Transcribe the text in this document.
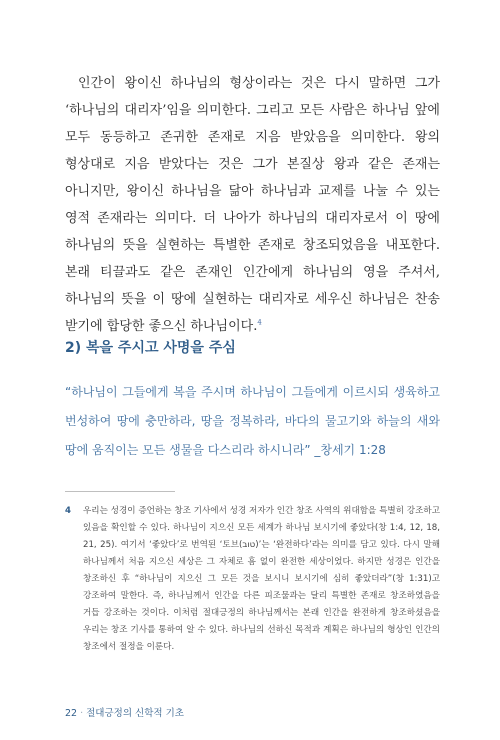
인간이 왕이신 하나님의 형상이라는 것은 다시 말하면 그가 ‘하나님의 대리자’임을 의미한다. 그리고 모든 사람은 하나님 앞에 모두 동등하고 존귀한 존재로 지음 받았음을 의미한다. 왕의 형상대로 지음 받았다는 것은 그가 본질상 왕과 같은 존재는 아니지만, 왕이신 하나님을 닮아 하나님과 교제를 나눌 수 있는 영적 존재라는 의미다. 더 나아가 하나님의 대리자로서 이 땅에 하나님의 뜻을 실현하는 특별한 존재로 창조되었음을 내포한다. 본래 티끌과도 같은 존재인 인간에게 하나님의 영을 주셔서, 하나님의 뜻을 이 땅에 실현하는 대리자로 세우신 하나님은 찬송 받기에 합당한 좋으신 하나님이다.$^4$

2) 복을 주시고 사명을 주심

“하나님이 그들에게 복을 주시며 하나님이 그들에게 이르시되 생육하고 번성하여 땅에 충만하라, 땅을 정복하라, 바다의 물고기와 하늘의 새와 땅에 움직이는 모든 생물을 다스리라 하시니라” _창세기 1:28

4	우리는 성경이 증언하는 창조 기사에서 성경 저자가 인간 창조 사역의 위대함을 특별히 강조하고 있음을 확인할 수 있다. 하나님이 지으신 모든 세계가 하나님 보시기에 좋았다(창 1:4, 12, 18, 21, 25). 여기서 ‘좋았다’로 번역된 ‘토브(טוב)’는 ‘완전하다’라는 의미를 담고 있다. 다시 말해 하나님께서 처음 지으신 세상은 그 자체로 흠 없이 완전한 세상이었다. 하지만 성경은 인간을 창조하신 후 “하나님이 지으신 그 모든 것을 보시니 보시기에 심히 좋았더라”(창 1:31)고 강조하여 말한다. 즉, 하나님께서 인간을 다른 피조물과는 달리 특별한 존재로 창조하였음을 거듭 강조하는 것이다. 이처럼 절대긍정의 하나님께서는 본래 인간을 완전하게 창조하셨음을 우리는 창조 기사를 통하여 알 수 있다. 하나님의 선하신 목적과 계획은 하나님의 형상인 인간의 창조에서 절정을 이룬다.
22 · 절대긍정의 신학적 기초
